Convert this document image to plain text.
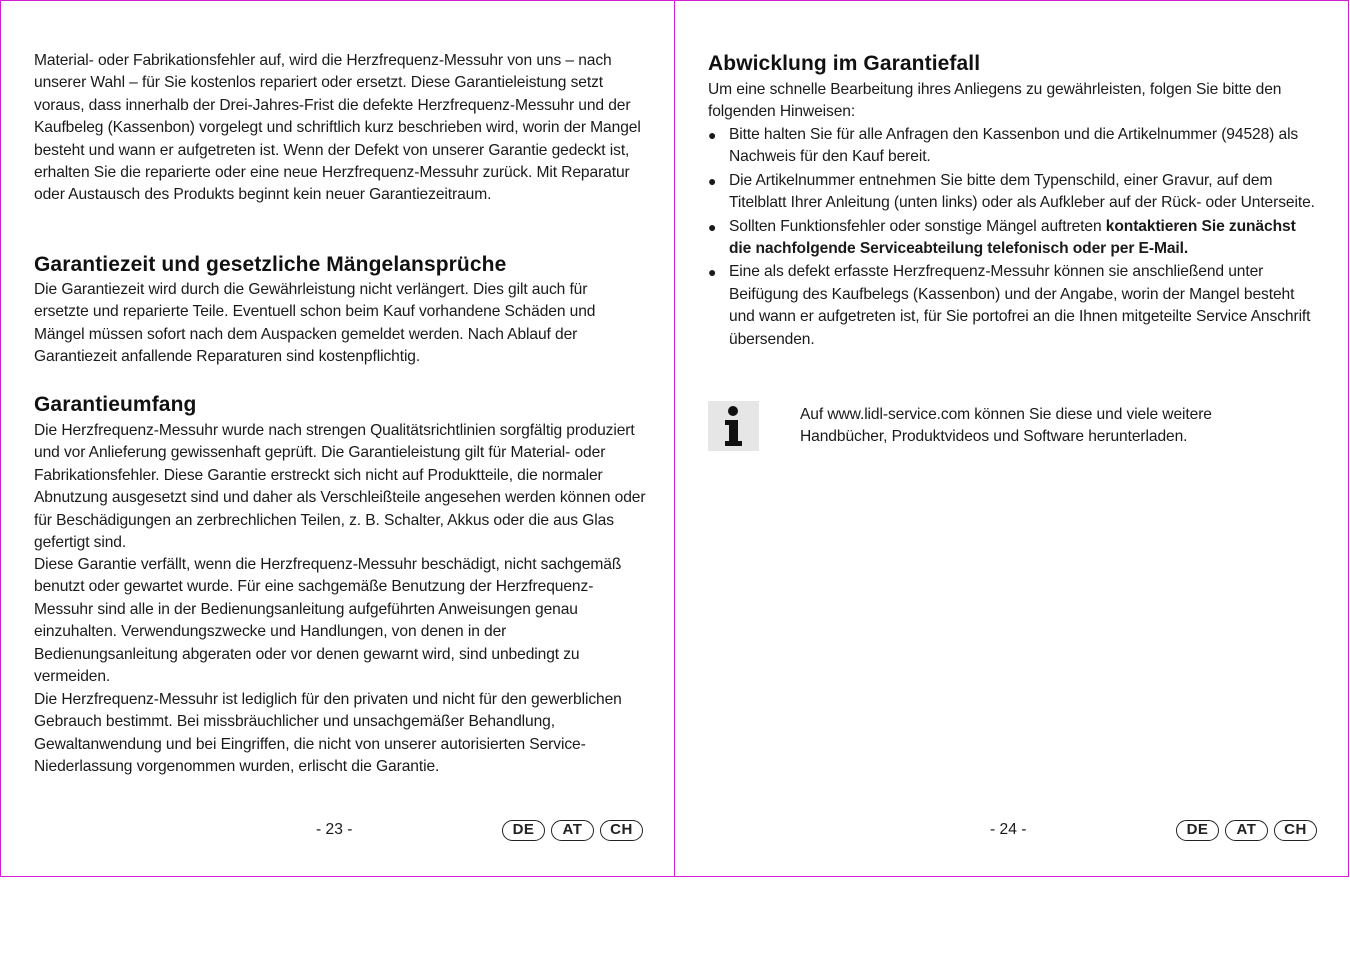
Material- oder Fabrikationsfehler auf, wird die Herzfrequenz-Messuhr von uns – nach unserer Wahl – für Sie kostenlos repariert oder ersetzt. Diese Garantieleistung setzt voraus, dass innerhalb der Drei-Jahres-Frist die defekte Herzfrequenz-Messuhr und der Kaufbeleg (Kassenbon) vorgelegt und schriftlich kurz beschrieben wird, worin der Mangel besteht und wann er aufgetreten ist. Wenn der Defekt von unserer Garantie gedeckt ist, erhalten Sie die reparierte oder eine neue Herzfrequenz-Messuhr zurück. Mit Reparatur oder Austausch des Produkts beginnt kein neuer Garantiezeitraum.

Garantiezeit und gesetzliche Mängelansprüche

Die Garantiezeit wird durch die Gewährleistung nicht verlängert. Dies gilt auch für ersetzte und reparierte Teile. Eventuell schon beim Kauf vorhandene Schäden und Mängel müssen sofort nach dem Auspacken gemeldet werden. Nach Ablauf der Garantiezeit anfallende Reparaturen sind kostenpflichtig.

Garantieumfang

Die Herzfrequenz-Messuhr wurde nach strengen Qualitätsrichtlinien sorgfältig produziert und vor Anlieferung gewissenhaft geprüft. Die Garantieleistung gilt für Material- oder Fabrikationsfehler. Diese Garantie erstreckt sich nicht auf Produktteile, die normaler Abnutzung ausgesetzt sind und daher als Verschleißteile angesehen werden können oder für Beschädigungen an zerbrechlichen Teilen, z. B. Schalter, Akkus oder die aus Glas gefertigt sind.

Diese Garantie verfällt, wenn die Herzfrequenz-Messuhr beschädigt, nicht sachgemäß benutzt oder gewartet wurde. Für eine sachgemäße Benutzung der Herzfrequenz-Messuhr sind alle in der Bedienungsanleitung aufgeführten Anweisungen genau einzuhalten. Verwendungszwecke und Handlungen, von denen in der Bedienungsanleitung abgeraten oder vor denen gewarnt wird, sind unbedingt zu vermeiden.

Die Herzfrequenz-Messuhr ist lediglich für den privaten und nicht für den gewerblichen Gebrauch bestimmt. Bei missbräuchlicher und unsachgemäßer Behandlung, Gewaltanwendung und bei Eingriffen, die nicht von unserer autorisierten Service-Niederlassung vorgenommen wurden, erlischt die Garantie.

- 23 -	DE	AT	CH
Abwicklung im Garantiefall

Um eine schnelle Bearbeitung ihres Anliegens zu gewährleisten, folgen Sie bitte den folgenden Hinweisen:

● Bitte halten Sie für alle Anfragen den Kassenbon und die Artikelnummer (94528) als Nachweis für den Kauf bereit.
● Die Artikelnummer entnehmen Sie bitte dem Typenschild, einer Gravur, auf dem Titelblatt Ihrer Anleitung (unten links) oder als Aufkleber auf der Rück- oder Unterseite.
● Sollten Funktionsfehler oder sonstige Mängel auftreten kontaktieren Sie zunächst die nachfolgende Serviceabteilung telefonisch oder per E-Mail.
● Eine als defekt erfasste Herzfrequenz-Messuhr können sie anschließend unter Beifügung des Kaufbelegs (Kassenbon) und der Angabe, worin der Mangel besteht und wann er aufgetreten ist, für Sie portofrei an die Ihnen mitgeteilte Service Anschrift übersenden.

Auf www.lidl-service.com können Sie diese und viele weitere Handbücher, Produktvideos und Software herunterladen.

- 24 -	DE	AT	CH
